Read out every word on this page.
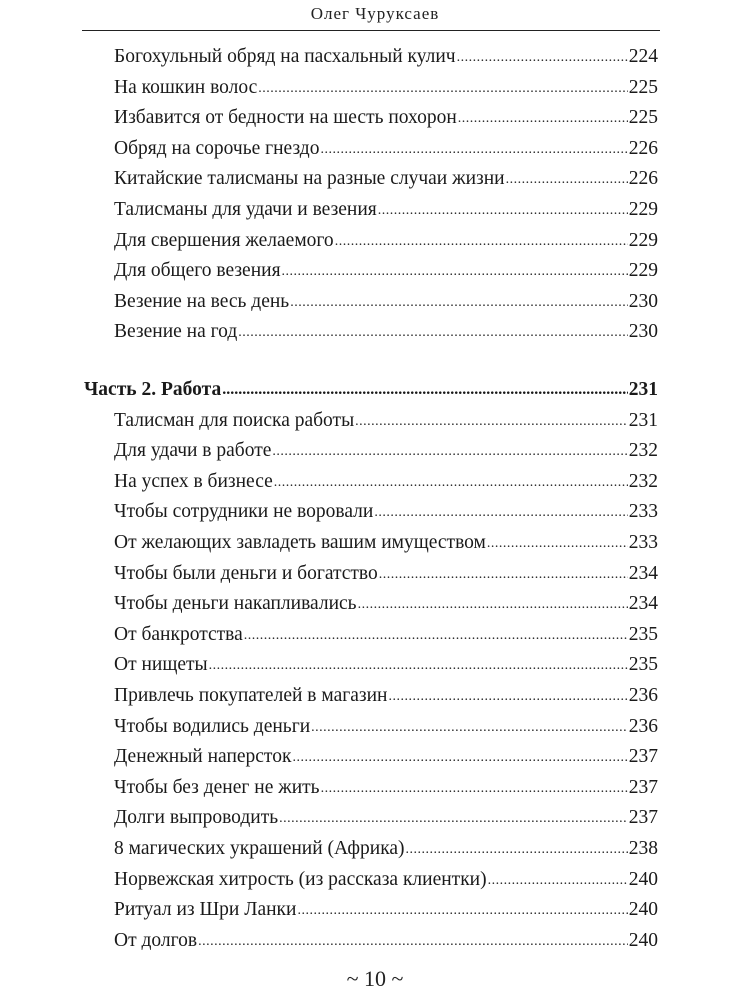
Олег Чуруксаев
Богохульный обряд на пасхальный кулич .....	224
На кошкин волос .....	225
Избавится от бедности на шесть похорон .....	225
Обряд на сорочье гнездо .....	226
Китайские талисманы на разные случаи жизни .....	226
Талисманы для удачи и везения .....	229
Для свершения желаемого .....	229
Для общего везения .....	229
Везение на весь день .....	230
Везение на год .....	230
Часть 2. Работа .....	231
Талисман для поиска работы .....	231
Для удачи в работе .....	232
На успех в бизнесе .....	232
Чтобы сотрудники не воровали .....	233
От желающих завладеть вашим имуществом .....	233
Чтобы были деньги и богатство .....	234
Чтобы деньги накапливались .....	234
От банкротства .....	235
От нищеты .....	235
Привлечь покупателей в магазин .....	236
Чтобы водились деньги .....	236
Денежный наперсток .....	237
Чтобы без денег не жить .....	237
Долги выпроводить .....	237
8 магических украшений (Африка) .....	238
Норвежская хитрость (из рассказа клиентки) .....	240
Ритуал из Шри Ланки .....	240
От долгов .....	240
~ 10 ~
